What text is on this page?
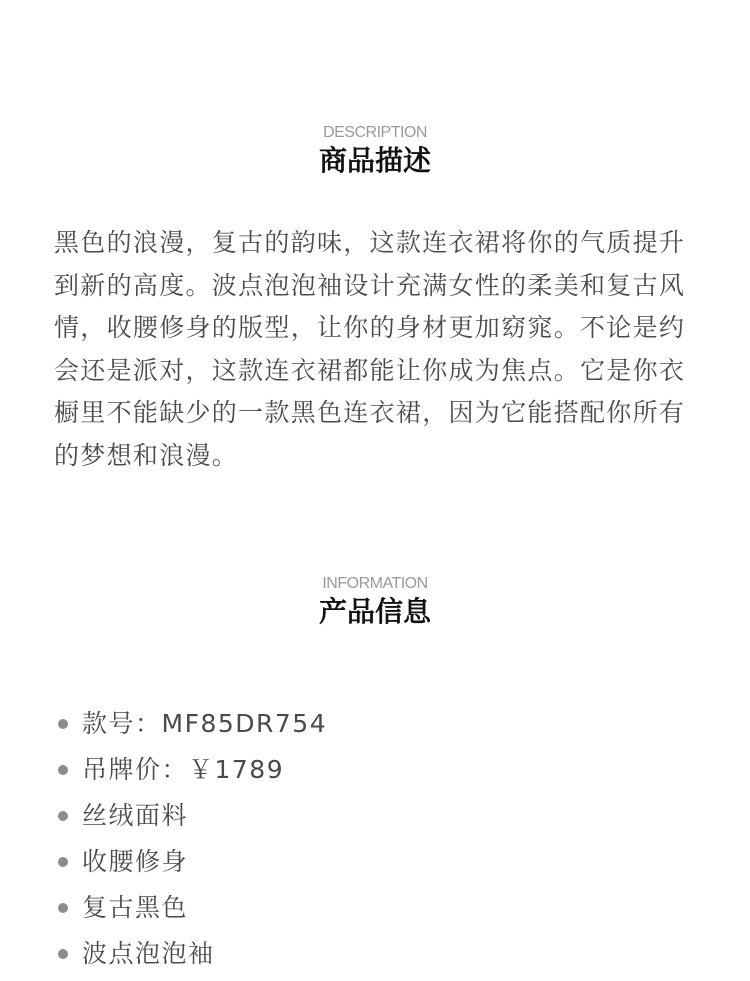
DESCRIPTION
商品描述

黑色的浪漫，复古的韵味，这款连衣裙将你的气质提升到新的高度。波点泡泡袖设计充满女性的柔美和复古风情，收腰修身的版型，让你的身材更加窈窕。不论是约会还是派对，这款连衣裙都能让你成为焦点。它是你衣橱里不能缺少的一款黑色连衣裙，因为它能搭配你所有的梦想和浪漫。

INFORMATION
产品信息
款号：MF85DR754
吊牌价：￥1789
丝绒面料
收腰修身
复古黑色
波点泡泡袖
